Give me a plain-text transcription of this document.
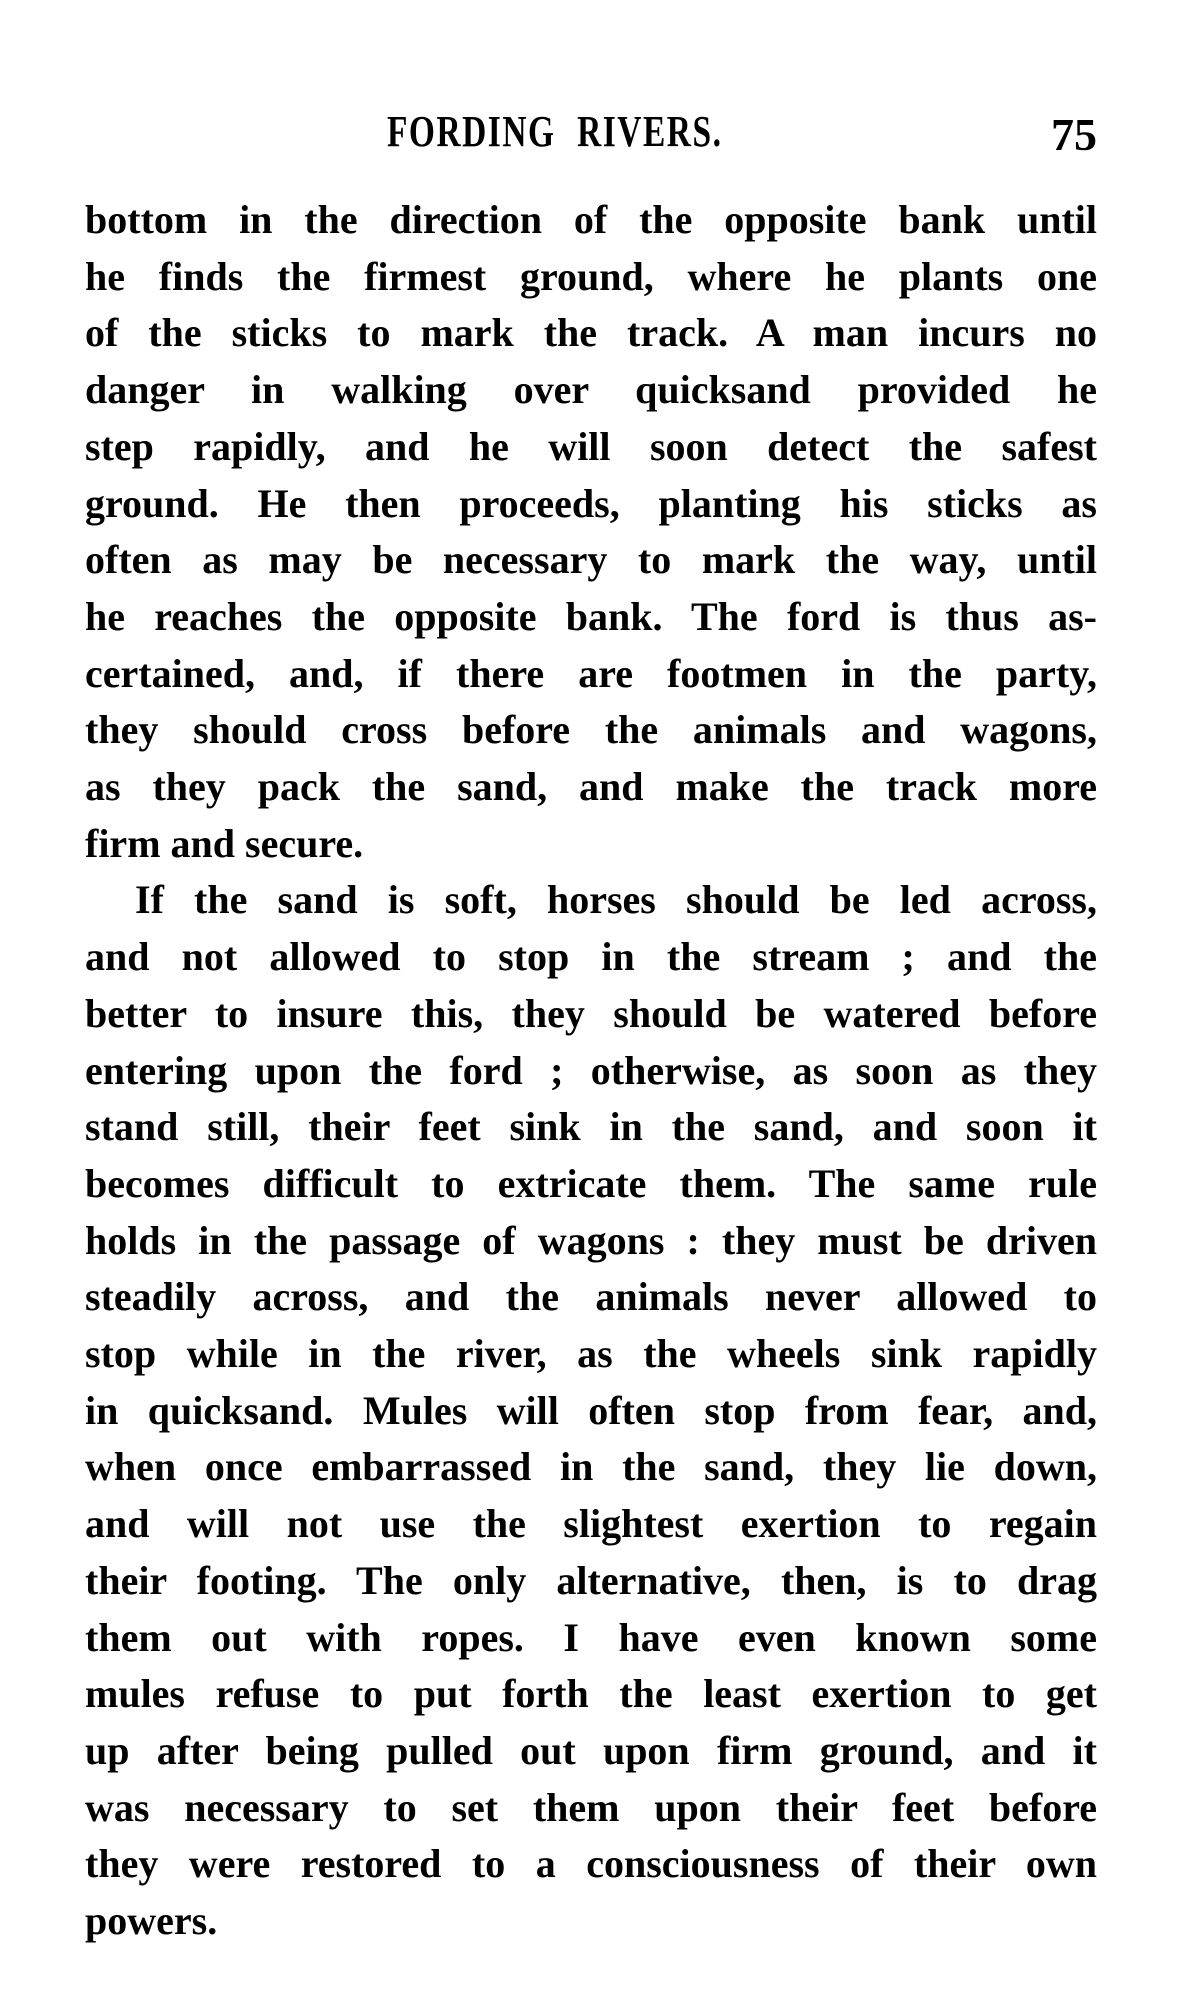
FORDING RIVERS.	75
bottom in the direction of the opposite bank until
he finds the firmest ground, where he plants one
of the sticks to mark the track. A man incurs no
danger in walking over quicksand provided he
step rapidly, and he will soon detect the safest
ground. He then proceeds, planting his sticks as
often as may be necessary to mark the way, until
he reaches the opposite bank. The ford is thus as-
certained, and, if there are footmen in the party,
they should cross before the animals and wagons,
as they pack the sand, and make the track more
firm and secure.
If the sand is soft, horses should be led across,
and not allowed to stop in the stream ; and the
better to insure this, they should be watered before
entering upon the ford ; otherwise, as soon as they
stand still, their feet sink in the sand, and soon it
becomes difficult to extricate them. The same rule
holds in the passage of wagons : they must be driven
steadily across, and the animals never allowed to
stop while in the river, as the wheels sink rapidly
in quicksand. Mules will often stop from fear, and,
when once embarrassed in the sand, they lie down,
and will not use the slightest exertion to regain
their footing. The only alternative, then, is to drag
them out with ropes. I have even known some
mules refuse to put forth the least exertion to get
up after being pulled out upon firm ground, and it
was necessary to set them upon their feet before
they were restored to a consciousness of their own
powers.
